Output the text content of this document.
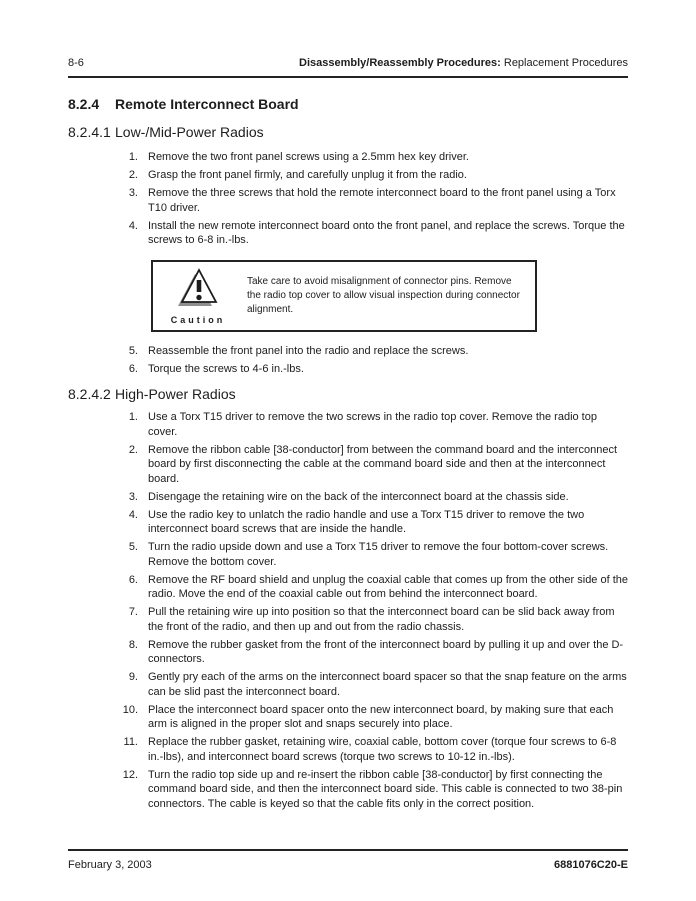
8-6	Disassembly/Reassembly Procedures: Replacement Procedures
8.2.4 Remote Interconnect Board
8.2.4.1 Low-/Mid-Power Radios
1. Remove the two front panel screws using a 2.5mm hex key driver.
2. Grasp the front panel firmly, and carefully unplug it from the radio.
3. Remove the three screws that hold the remote interconnect board to the front panel using a Torx T10 driver.
4. Install the new remote interconnect board onto the front panel, and replace the screws. Torque the screws to 6-8 in.-lbs.
Caution

Take care to avoid misalignment of connector pins. Remove the radio top cover to allow visual inspection during connector alignment.

5. Reassemble the front panel into the radio and replace the screws.
6. Torque the screws to 4-6 in.-lbs.
8.2.4.2 High-Power Radios
1. Use a Torx T15 driver to remove the two screws in the radio top cover. Remove the radio top cover.
2. Remove the ribbon cable [38-conductor] from between the command board and the interconnect board by first disconnecting the cable at the command board side and then at the interconnect board.
3. Disengage the retaining wire on the back of the interconnect board at the chassis side.
4. Use the radio key to unlatch the radio handle and use a Torx T15 driver to remove the two interconnect board screws that are inside the handle.
5. Turn the radio upside down and use a Torx T15 driver to remove the four bottom-cover screws. Remove the bottom cover.
6. Remove the RF board shield and unplug the coaxial cable that comes up from the other side of the radio. Move the end of the coaxial cable out from behind the interconnect board.
7. Pull the retaining wire up into position so that the interconnect board can be slid back away from the front of the radio, and then up and out from the radio chassis.
8. Remove the rubber gasket from the front of the interconnect board by pulling it up and over the D-connectors.
9. Gently pry each of the arms on the interconnect board spacer so that the snap feature on the arms can be slid past the interconnect board.
10. Place the interconnect board spacer onto the new interconnect board, by making sure that each arm is aligned in the proper slot and snaps securely into place.
11. Replace the rubber gasket, retaining wire, coaxial cable, bottom cover (torque four screws to 6-8 in.-lbs), and interconnect board screws (torque two screws to 10-12 in.-lbs).
12. Turn the radio top side up and re-insert the ribbon cable [38-conductor] by first connecting the command board side, and then the interconnect board side. This cable is connected to two 38-pin connectors. The cable is keyed so that the cable fits only in the correct position.
February 3, 2003	6881076C20-E
